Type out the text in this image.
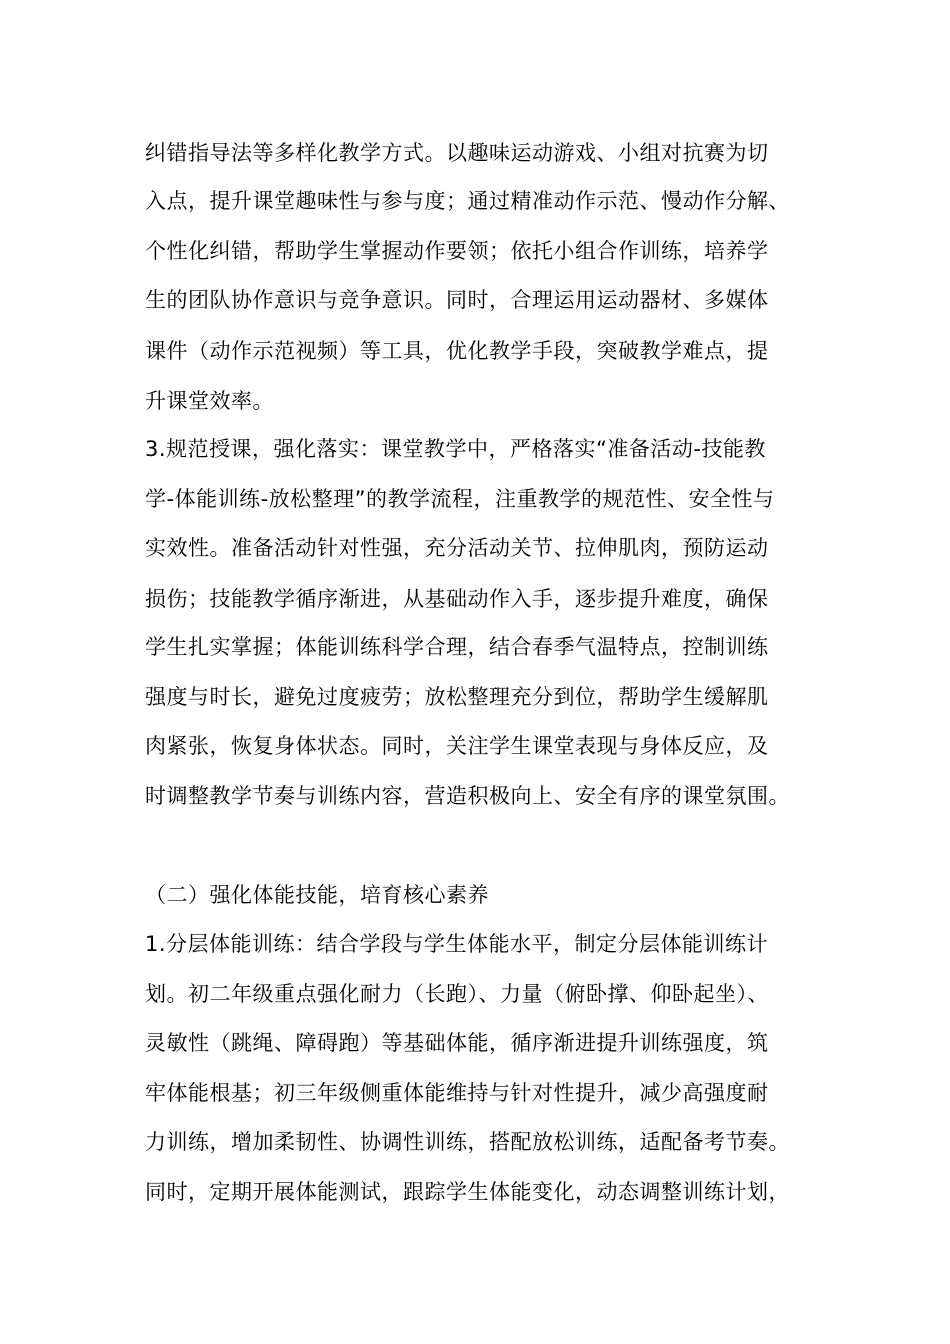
纠错指导法等多样化教学方式。以趣味运动游戏、小组对抗赛为切
入点，提升课堂趣味性与参与度；通过精准动作示范、慢动作分解、
个性化纠错，帮助学生掌握动作要领；依托小组合作训练，培养学
生的团队协作意识与竞争意识。同时，合理运用运动器材、多媒体
课件（动作示范视频）等工具，优化教学手段，突破教学难点，提
升课堂效率。
3.规范授课，强化落实：课堂教学中，严格落实“准备活动-技能教
学-体能训练-放松整理”的教学流程，注重教学的规范性、安全性与
实效性。准备活动针对性强，充分活动关节、拉伸肌肉，预防运动
损伤；技能教学循序渐进，从基础动作入手，逐步提升难度，确保
学生扎实掌握；体能训练科学合理，结合春季气温特点，控制训练
强度与时长，避免过度疲劳；放松整理充分到位，帮助学生缓解肌
肉紧张，恢复身体状态。同时，关注学生课堂表现与身体反应，及
时调整教学节奏与训练内容，营造积极向上、安全有序的课堂氛围。
（二）强化体能技能，培育核心素养
1.分层体能训练：结合学段与学生体能水平，制定分层体能训练计
划。初二年级重点强化耐力（长跑）、力量（俯卧撑、仰卧起坐）、
灵敏性（跳绳、障碍跑）等基础体能，循序渐进提升训练强度，筑
牢体能根基；初三年级侧重体能维持与针对性提升，减少高强度耐
力训练，增加柔韧性、协调性训练，搭配放松训练，适配备考节奏。
同时，定期开展体能测试，跟踪学生体能变化，动态调整训练计划，
